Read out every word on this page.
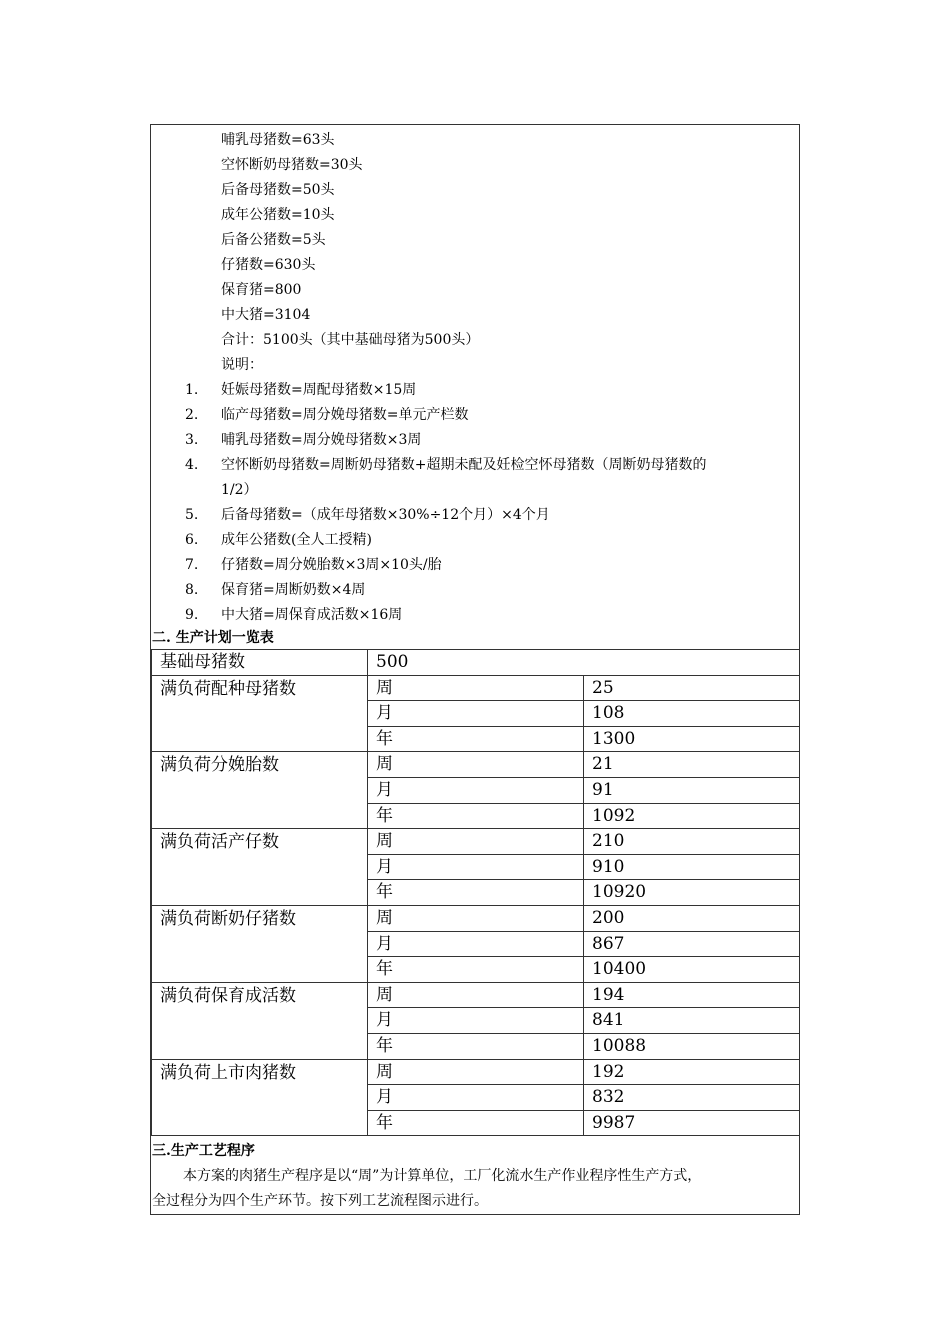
哺乳母猪数=63头
空怀断奶母猪数=30头
后备母猪数=50头
成年公猪数=10头
后备公猪数=5头
仔猪数=630头
保育猪=800
中大猪=3104
合计：5100头（其中基础母猪为500头）
说明：
1. 妊娠母猪数=周配母猪数×15周
2. 临产母猪数=周分娩母猪数=单元产栏数
3. 哺乳母猪数=周分娩母猪数×3周
4. 空怀断奶母猪数=周断奶母猪数+超期未配及妊检空怀母猪数（周断奶母猪数的
1/2）
5. 后备母猪数=（成年母猪数×30%÷12个月）×4个月
6. 成年公猪数(全人工授精)
7. 仔猪数=周分娩胎数×3周×10头/胎
8. 保育猪=周断奶数×4周
9. 中大猪=周保育成活数×16周
二. 生产计划一览表
基础母猪数	500	
满负荷配种母猪数	周	25
	月	108
	年	1300
满负荷分娩胎数	周	21
	月	91
	年	1092
满负荷活产仔数	周	210
	月	910
	年	10920
满负荷断奶仔猪数	周	200
	月	867
	年	10400
满负荷保育成活数	周	194
	月	841
	年	10088
满负荷上市肉猪数	周	192
	月	832
	年	9987
三.生产工艺程序
本方案的肉猪生产程序是以“周”为计算单位，工厂化流水生产作业程序性生产方式，
全过程分为四个生产环节。按下列工艺流程图示进行。
